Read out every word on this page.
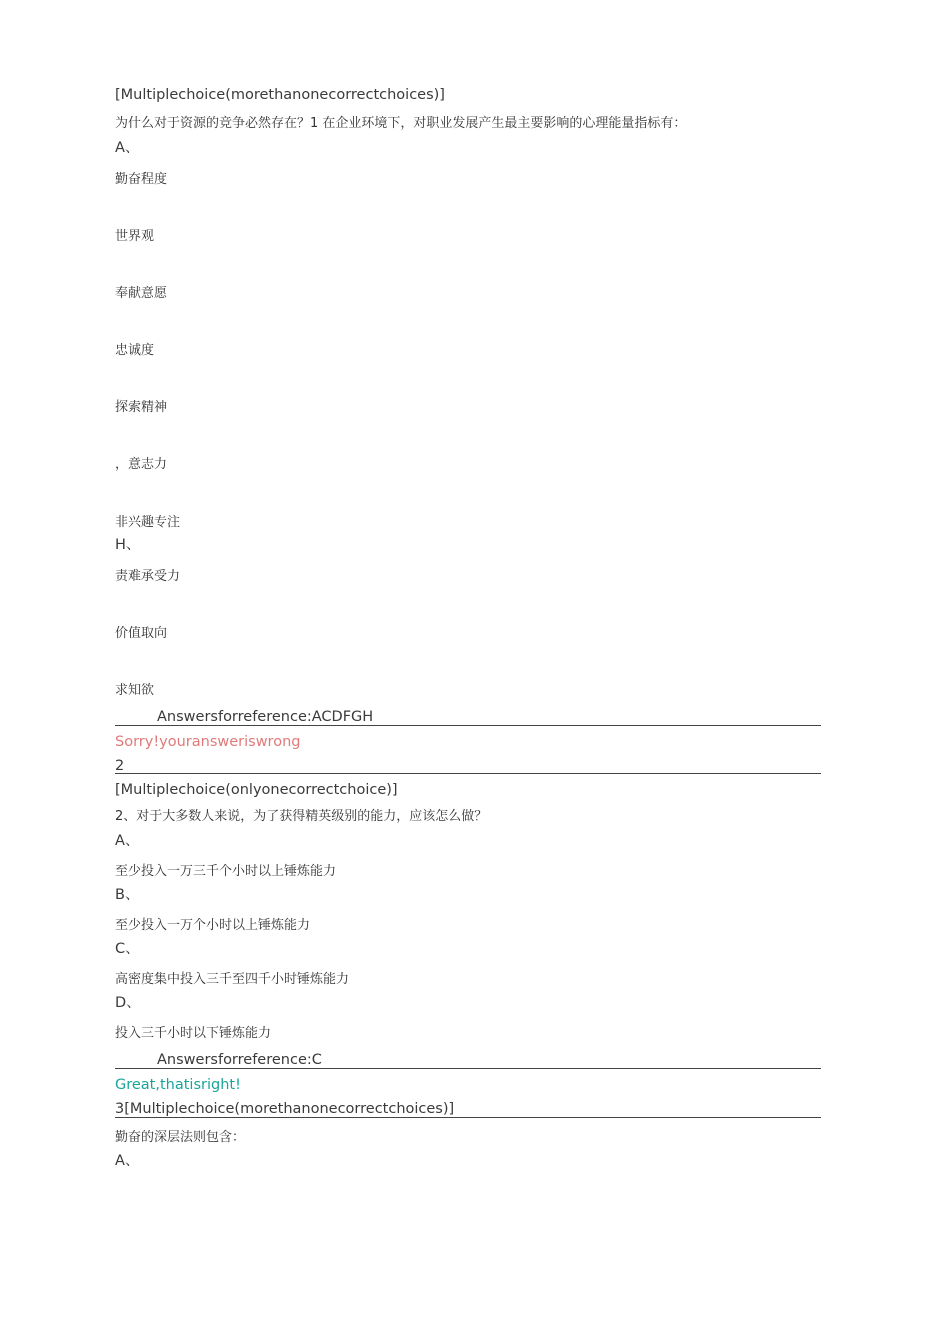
[Multiplechoice(morethanonecorrectchoices)]
为什么对于资源的竞争必然存在？1 在企业环境下，对职业发展产生最主要影响的心理能量指标有：
A、
勤奋程度
世界观
奉献意愿
忠诚度
探索精神
，意志力
非兴趣专注
H、
责难承受力
价值取向
求知欲
Answersforreference:ACDFGH
Sorry!youransweriswrong
2
[Multiplechoice(onlyonecorrectchoice)]
2、对于大多数人来说，为了获得精英级别的能力，应该怎么做？
A、
至少投入一万三千个小时以上锤炼能力
B、
至少投入一万个小时以上锤炼能力
C、
高密度集中投入三千至四千小时锤炼能力
D、
投入三千小时以下锤炼能力
Answersforreference:C
Great,thatisright!
3[Multiplechoice(morethanonecorrectchoices)]
勤奋的深层法则包含：
A、
